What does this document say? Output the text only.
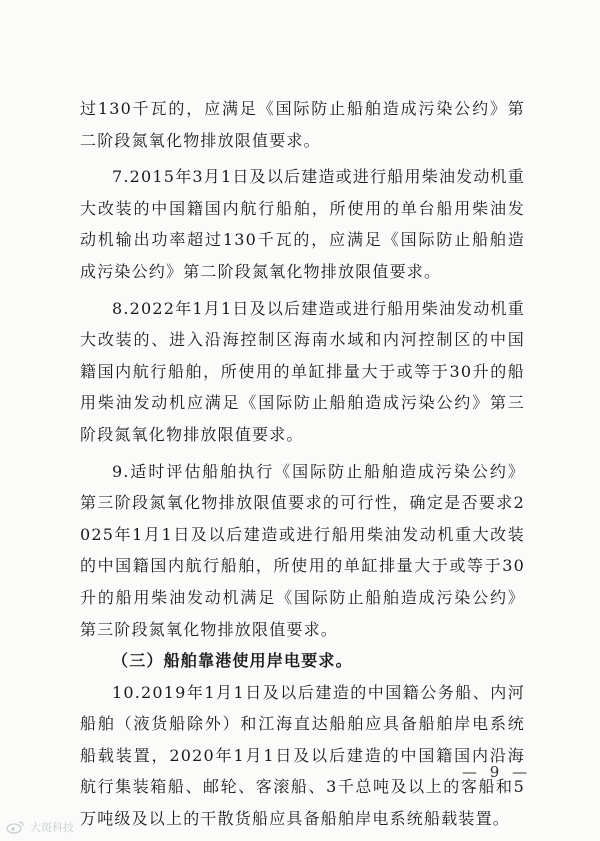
过130千瓦的，应满足《国际防止船舶造成污染公约》第二阶段氮氧化物排放限值要求。

7.2015年3月1日及以后建造或进行船用柴油发动机重大改装的中国籍国内航行船舶，所使用的单台船用柴油发动机输出功率超过130千瓦的，应满足《国际防止船舶造成污染公约》第二阶段氮氧化物排放限值要求。

8.2022年1月1日及以后建造或进行船用柴油发动机重大改装的、进入沿海控制区海南水域和内河控制区的中国籍国内航行船舶，所使用的单缸排量大于或等于30升的船用柴油发动机应满足《国际防止船舶造成污染公约》第三阶段氮氧化物排放限值要求。

9.适时评估船舶执行《国际防止船舶造成污染公约》第三阶段氮氧化物排放限值要求的可行性，确定是否要求2025年1月1日及以后建造或进行船用柴油发动机重大改装的中国籍国内航行船舶，所使用的单缸排量大于或等于30升的船用柴油发动机满足《国际防止船舶造成污染公约》第三阶段氮氧化物排放限值要求。

（三）船舶靠港使用岸电要求。

10.2019年1月1日及以后建造的中国籍公务船、内河船舶（液货船除外）和江海直达船舶应具备船舶岸电系统船载装置，2020年1月1日及以后建造的中国籍国内沿海航行集装箱船、邮轮、客滚船、3千总吨及以上的客船和5万吨级及以上的干散货船应具备船舶岸电系统船载装置。

— 9 —
大斑科技
